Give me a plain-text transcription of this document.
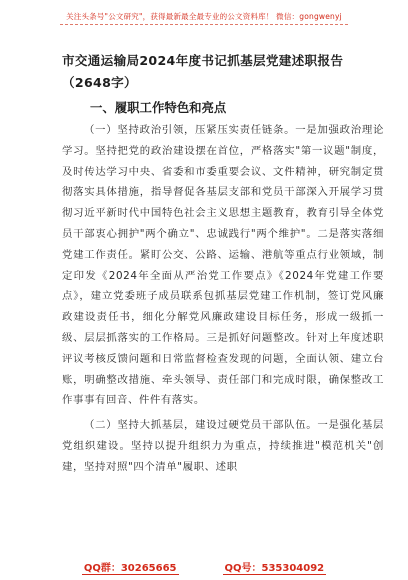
关注头条号"公文研究"，获得最新最全最专业的公文资料库！ 微信：gongwenyj
市交通运输局2024年度书记抓基层党建述职报告（2648字）
一、履职工作特色和亮点

（一）坚持政治引领，压紧压实责任链条。一是加强政治理论学习。坚持把党的政治建设摆在首位，严格落实"第一议题"制度，及时传达学习中央、省委和市委重要会议、文件精神，研究制定贯彻落实具体措施，指导督促各基层支部和党员干部深入开展学习贯彻习近平新时代中国特色社会主义思想主题教育，教育引导全体党员干部衷心拥护"两个确立"、忠诚践行"两个维护"。二是落实落细党建工作责任。紧盯公交、公路、运输、港航等重点行业领域，制定印发《2024年全面从严治党工作要点》《2024年党建工作要点》，建立党委班子成员联系包抓基层党建工作机制，签订党风廉政建设责任书，细化分解党风廉政建设目标任务，形成一级抓一级、层层抓落实的工作格局。三是抓好问题整改。针对上年度述职评议考核反馈问题和日常监督检查发现的问题，全面认领、建立台账，明确整改措施、牵头领导、责任部门和完成时限，确保整改工作事事有回音、件件有落实。

（二）坚持大抓基层，建设过硬党员干部队伍。一是强化基层党组织建设。坚持以提升组织力为重点，持续推进"模范机关"创建，坚持对照"四个清单"履职、述职

QQ群：30265665	QQ号：535304092
